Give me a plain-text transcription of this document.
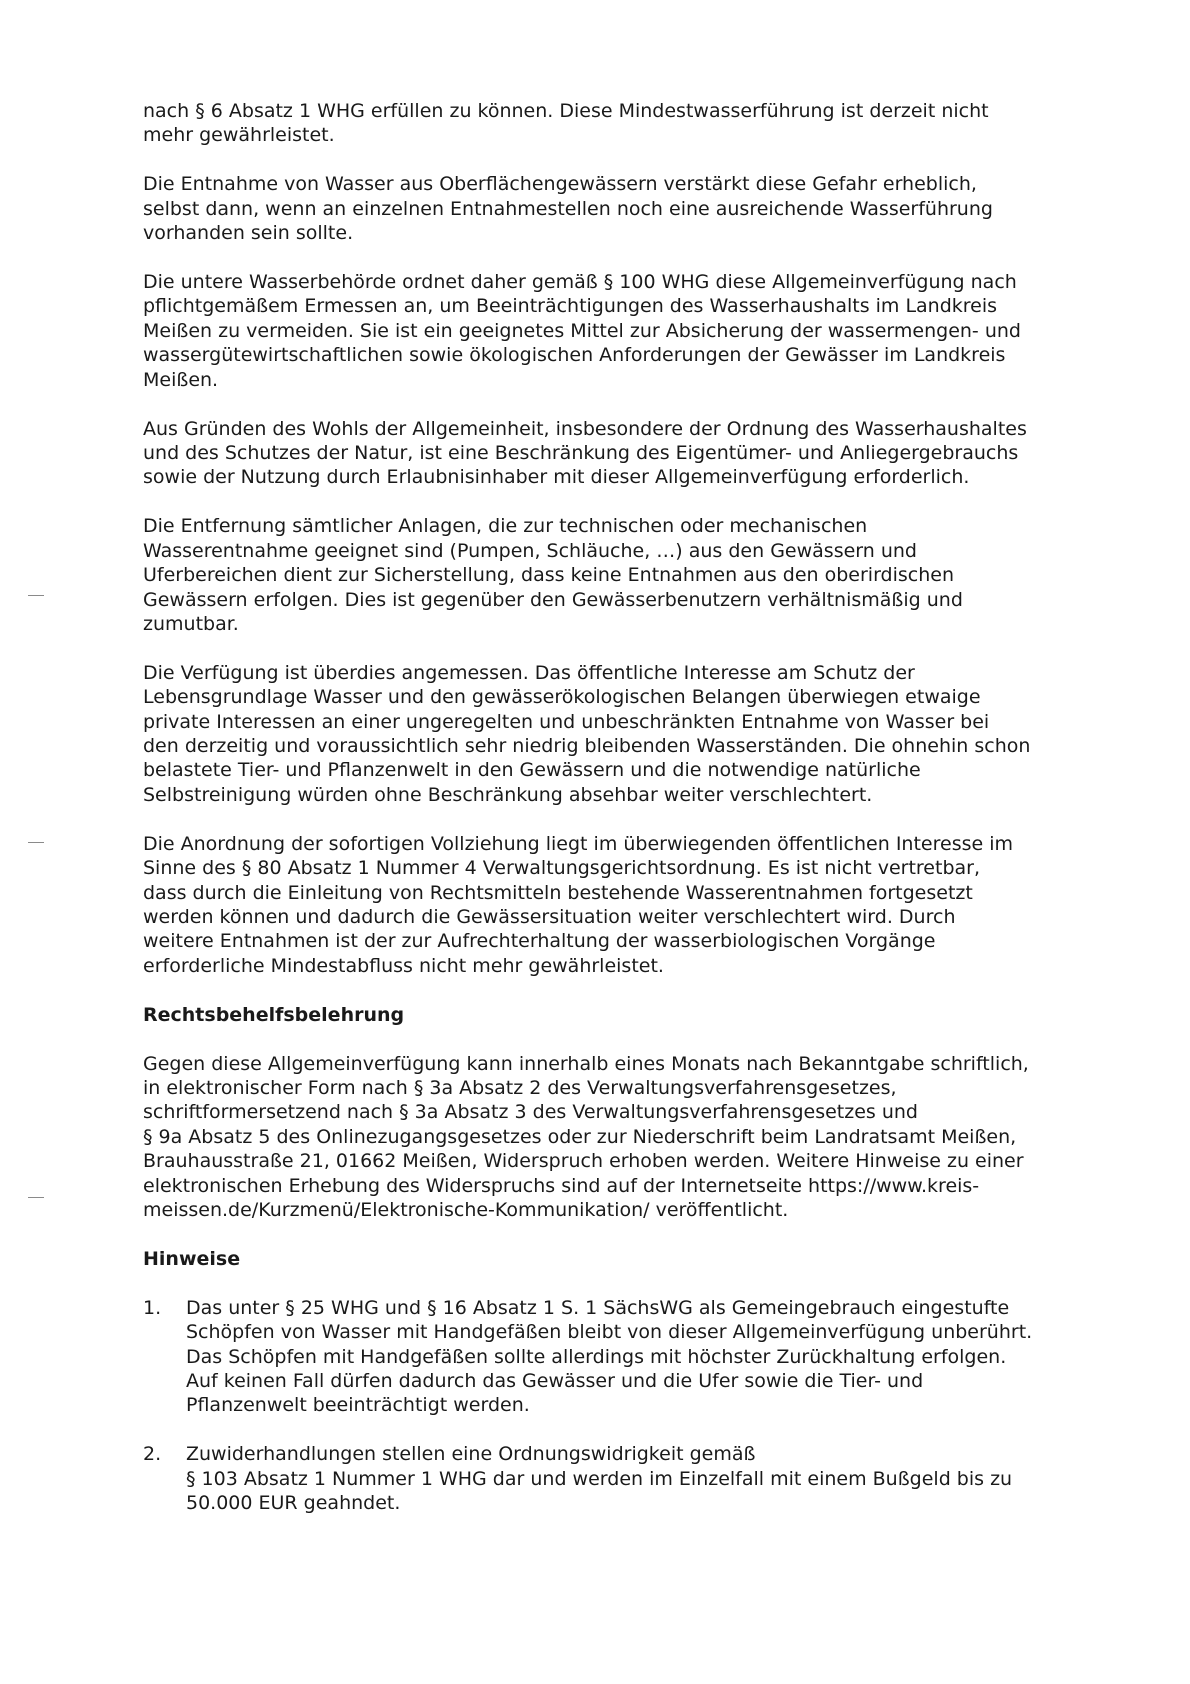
nach § 6 Absatz 1 WHG erfüllen zu können. Diese Mindestwasserführung ist derzeit nicht
mehr gewährleistet.

Die Entnahme von Wasser aus Oberflächengewässern verstärkt diese Gefahr erheblich,
selbst dann, wenn an einzelnen Entnahmestellen noch eine ausreichende Wasserführung
vorhanden sein sollte.

Die untere Wasserbehörde ordnet daher gemäß § 100 WHG diese Allgemeinverfügung nach
pflichtgemäßem Ermessen an, um Beeinträchtigungen des Wasserhaushalts im Landkreis
Meißen zu vermeiden. Sie ist ein geeignetes Mittel zur Absicherung der wassermengen- und
wassergütewirtschaftlichen sowie ökologischen Anforderungen der Gewässer im Landkreis
Meißen.

Aus Gründen des Wohls der Allgemeinheit, insbesondere der Ordnung des Wasserhaushaltes
und des Schutzes der Natur, ist eine Beschränkung des Eigentümer- und Anliegergebrauchs
sowie der Nutzung durch Erlaubnisinhaber mit dieser Allgemeinverfügung erforderlich.

Die Entfernung sämtlicher Anlagen, die zur technischen oder mechanischen
Wasserentnahme geeignet sind (Pumpen, Schläuche, …) aus den Gewässern und
Uferbereichen dient zur Sicherstellung, dass keine Entnahmen aus den oberirdischen
Gewässern erfolgen. Dies ist gegenüber den Gewässerbenutzern verhältnismäßig und
zumutbar.

Die Verfügung ist überdies angemessen. Das öffentliche Interesse am Schutz der
Lebensgrundlage Wasser und den gewässerökologischen Belangen überwiegen etwaige
private Interessen an einer ungeregelten und unbeschränkten Entnahme von Wasser bei
den derzeitig und voraussichtlich sehr niedrig bleibenden Wasserständen. Die ohnehin schon
belastete Tier- und Pflanzenwelt in den Gewässern und die notwendige natürliche
Selbstreinigung würden ohne Beschränkung absehbar weiter verschlechtert.

Die Anordnung der sofortigen Vollziehung liegt im überwiegenden öffentlichen Interesse im
Sinne des § 80 Absatz 1 Nummer 4 Verwaltungsgerichtsordnung. Es ist nicht vertretbar,
dass durch die Einleitung von Rechtsmitteln bestehende Wasserentnahmen fortgesetzt
werden können und dadurch die Gewässersituation weiter verschlechtert wird. Durch
weitere Entnahmen ist der zur Aufrechterhaltung der wasserbiologischen Vorgänge
erforderliche Mindestabfluss nicht mehr gewährleistet.

Rechtsbehelfsbelehrung

Gegen diese Allgemeinverfügung kann innerhalb eines Monats nach Bekanntgabe schriftlich,
in elektronischer Form nach § 3a Absatz 2 des Verwaltungsverfahrensgesetzes,
schriftformersetzend nach § 3a Absatz 3 des Verwaltungsverfahrensgesetzes und
§ 9a Absatz 5 des Onlinezugangsgesetzes oder zur Niederschrift beim Landratsamt Meißen,
Brauhausstraße 21, 01662 Meißen, Widerspruch erhoben werden. Weitere Hinweise zu einer
elektronischen Erhebung des Widerspruchs sind auf der Internetseite https://www.kreis-
meissen.de/Kurzmenü/Elektronische-Kommunikation/ veröffentlicht.

Hinweise
1.	Das unter § 25 WHG und § 16 Absatz 1 S. 1 SächsWG als Gemeingebrauch eingestufte
Schöpfen von Wasser mit Handgefäßen bleibt von dieser Allgemeinverfügung unberührt.
Das Schöpfen mit Handgefäßen sollte allerdings mit höchster Zurückhaltung erfolgen.
Auf keinen Fall dürfen dadurch das Gewässer und die Ufer sowie die Tier- und
Pflanzenwelt beeinträchtigt werden.
2.	Zuwiderhandlungen stellen eine Ordnungswidrigkeit gemäß
§ 103 Absatz 1 Nummer 1 WHG dar und werden im Einzelfall mit einem Bußgeld bis zu
50.000 EUR geahndet.
